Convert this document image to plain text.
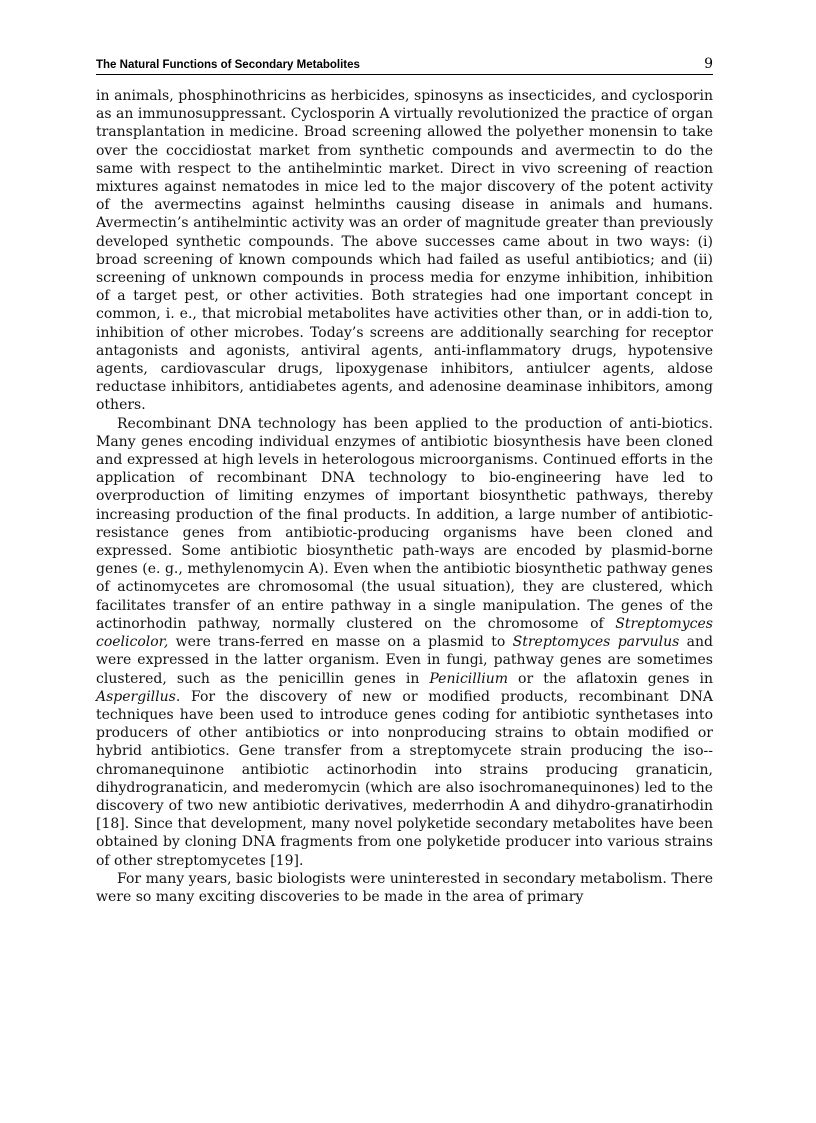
The Natural Functions of Secondary Metabolites	9

in animals, phosphinothricins as herbicides, spinosyns as insecticides, and cyclosporin as an immunosuppressant. Cyclosporin A virtually revolutionized the practice of organ transplantation in medicine. Broad screening allowed the polyether monensin to take over the coccidiostat market from synthetic compounds and avermectin to do the same with respect to the antihelmintic market. Direct in vivo screening of reaction mixtures against nematodes in mice led to the major discovery of the potent activity of the avermectins against helminths causing disease in animals and humans. Avermectin’s antihelmintic activity was an order of magnitude greater than previously developed synthetic compounds. The above successes came about in two ways: (i) broad screening of known compounds which had failed as useful antibiotics; and (ii) screening of unknown compounds in process media for enzyme inhibition, inhibition of a target pest, or other activities. Both strategies had one important concept in common, i. e., that microbial metabolites have activities other than, or in addi-tion to, inhibition of other microbes. Today’s screens are additionally searching for receptor antagonists and agonists, antiviral agents, anti-inflammatory drugs, hypotensive agents, cardiovascular drugs, lipoxygenase inhibitors, antiulcer agents, aldose reductase inhibitors, antidiabetes agents, and adenosine deaminase inhibitors, among others.

Recombinant DNA technology has been applied to the production of anti-biotics. Many genes encoding individual enzymes of antibiotic biosynthesis have been cloned and expressed at high levels in heterologous microorganisms. Continued efforts in the application of recombinant DNA technology to bio-engineering have led to overproduction of limiting enzymes of important biosynthetic pathways, thereby increasing production of the final products. In addition, a large number of antibiotic-resistance genes from antibiotic-producing organisms have been cloned and expressed. Some antibiotic biosynthetic path-ways are encoded by plasmid-borne genes (e. g., methylenomycin A). Even when the antibiotic biosynthetic pathway genes of actinomycetes are chromosomal (the usual situation), they are clustered, which facilitates transfer of an entire pathway in a single manipulation. The genes of the actinorhodin pathway, normally clustered on the chromosome of Streptomyces coelicolor, were trans-ferred en masse on a plasmid to Streptomyces parvulus and were expressed in the latter organism. Even in fungi, pathway genes are sometimes clustered, such as the penicillin genes in Penicillium or the aflatoxin genes in Aspergillus. For the discovery of new or modified products, recombinant DNA techniques have been used to introduce genes coding for antibiotic synthetases into producers of other antibiotics or into nonproducing strains to obtain modified or hybrid antibiotics. Gene transfer from a streptomycete strain producing the iso-chromanequinone antibiotic actinorhodin into strains producing granaticin, dihydrogranaticin, and mederomycin (which are also isochromanequinones) led to the discovery of two new antibiotic derivatives, mederrhodin A and dihydro-granatirhodin [18]. Since that development, many novel polyketide secondary metabolites have been obtained by cloning DNA fragments from one polyketide producer into various strains of other streptomycetes [19].

For many years, basic biologists were uninterested in secondary metabolism. There were so many exciting discoveries to be made in the area of primary
